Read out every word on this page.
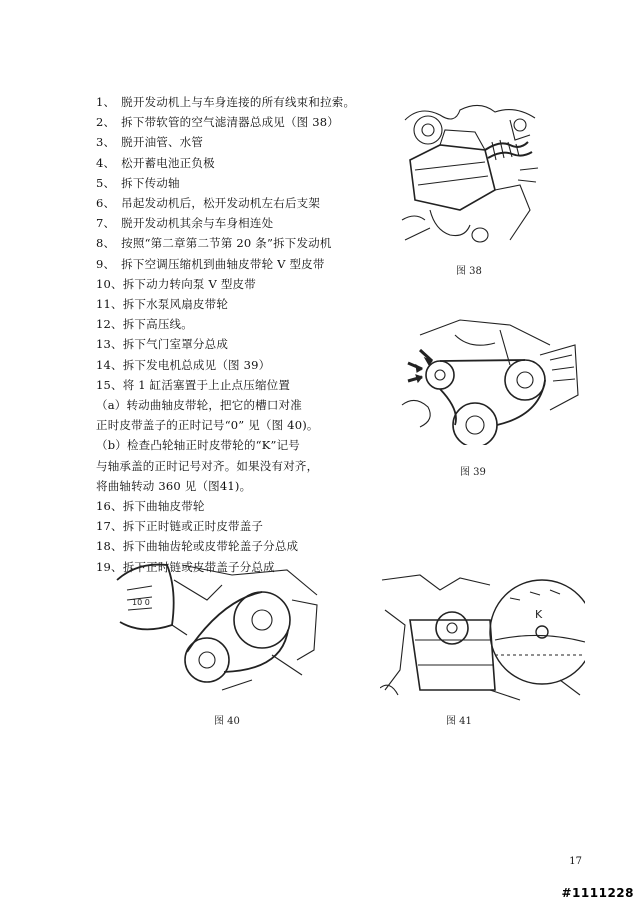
1、　脱开发动机上与车身连接的所有线束和拉索。
2、　拆下带软管的空气滤清器总成见（图 38）
3、　脱开油管、水管
4、　松开蓄电池正负极
5、　拆下传动轴
6、　吊起发动机后，松开发动机左右后支架
7、　脱开发动机其余与车身相连处
8、　按照“第二章第二节第 20 条”拆下发动机
9、　拆下空调压缩机到曲轴皮带轮 V 型皮带
10、拆下动力转向泵 V 型皮带
11、拆下水泵风扇皮带轮
12、拆下高压线。
13、拆下气门室罩分总成
14、拆下发电机总成见（图 39）
15、将 1 缸活塞置于上止点压缩位置
（a）转动曲轴皮带轮，把它的槽口对准
正时皮带盖子的正时记号“0” 见（图 40)。
（b）检查凸轮轴正时皮带轮的“K”记号
与轴承盖的正时记号对齐。如果没有对齐，
将曲轴转动 360 见（图41)。
16、拆下曲轴皮带轮
17、拆下正时链或正时皮带盖子
18、拆下曲轴齿轮或皮带轮盖子分总成
19、拆下正时链或皮带盖子分总成
图 38
图 39
10 0
图 40
K
图 41
17
#1111228
